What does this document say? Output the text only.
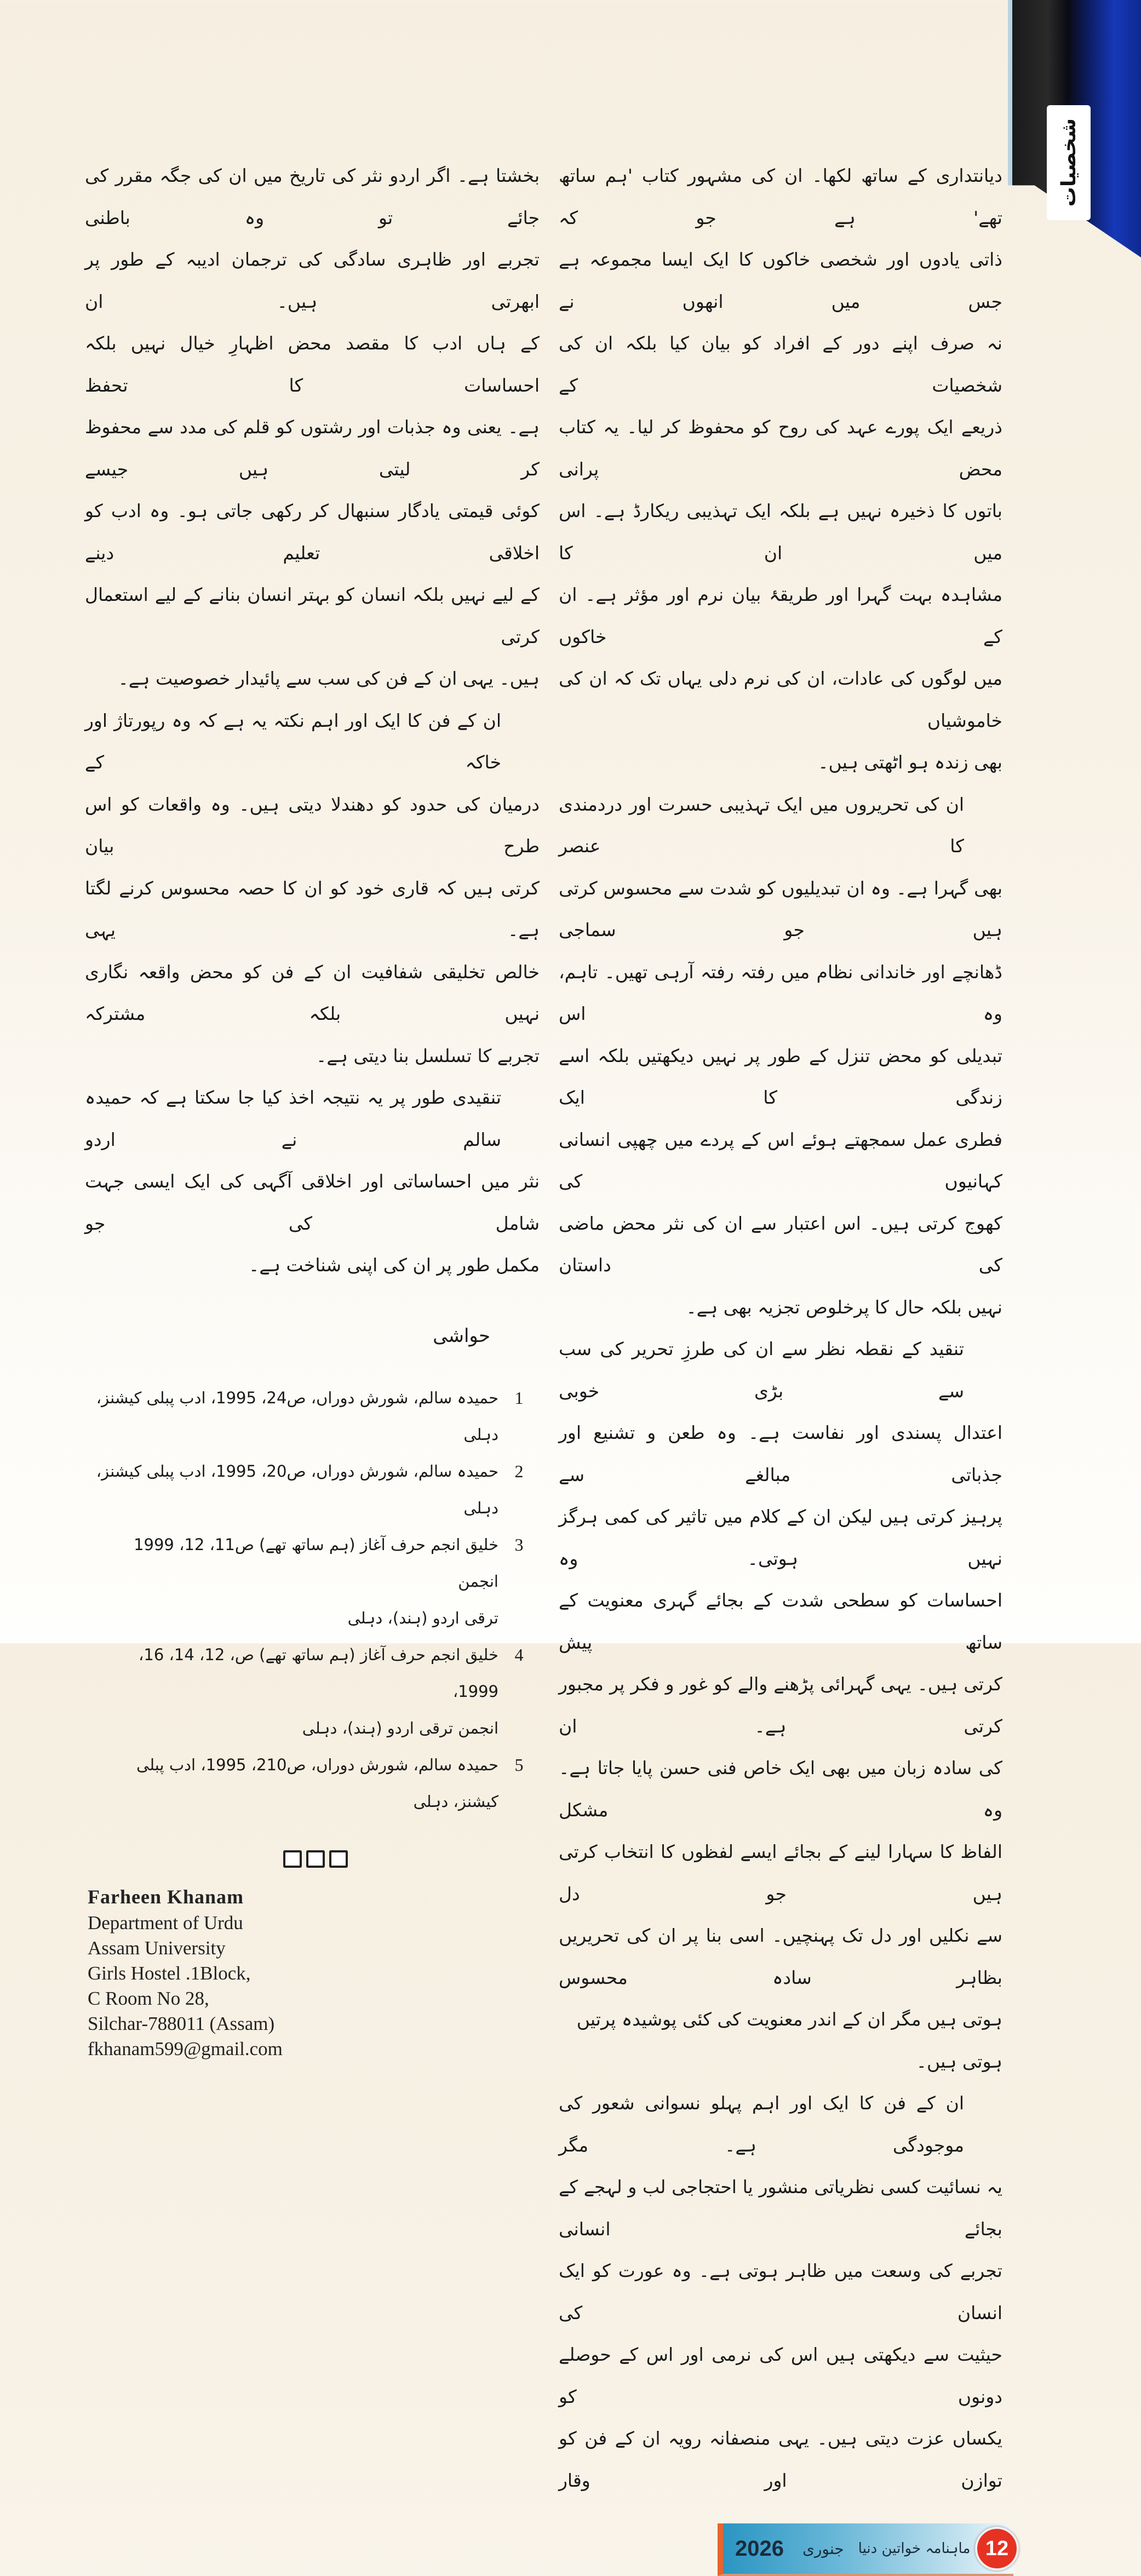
شخصیات
دیانتداری کے ساتھ لکھا۔ ان کی مشہور کتاب 'ہم ساتھ تھے' ہے جو کہ
ذاتی یادوں اور شخصی خاکوں کا ایک ایسا مجموعہ ہے جس میں انھوں نے
نہ صرف اپنے دور کے افراد کو بیان کیا بلکہ ان کی شخصیات کے
ذریعے ایک پورے عہد کی روح کو محفوظ کر لیا۔ یہ کتاب محض پرانی
باتوں کا ذخیرہ نہیں ہے بلکہ ایک تہذیبی ریکارڈ ہے۔ اس میں ان کا
مشاہدہ بہت گہرا اور طریقۂ بیان نرم اور مؤثر ہے۔ ان کے خاکوں
میں لوگوں کی عادات، ان کی نرم دلی یہاں تک کہ ان کی خاموشیاں
بھی زندہ ہو اٹھتی ہیں۔
ان کی تحریروں میں ایک تہذیبی حسرت اور دردمندی کا عنصر
بھی گہرا ہے۔ وہ ان تبدیلیوں کو شدت سے محسوس کرتی ہیں جو سماجی
ڈھانچے اور خاندانی نظام میں رفتہ رفتہ آرہی تھیں۔ تاہم، وہ اس
تبدیلی کو محض تنزل کے طور پر نہیں دیکھتیں بلکہ اسے زندگی کا ایک
فطری عمل سمجھتے ہوئے اس کے پردے میں چھپی انسانی کہانیوں کی
کھوج کرتی ہیں۔ اس اعتبار سے ان کی نثر محض ماضی کی داستان
نہیں بلکہ حال کا پرخلوص تجزیہ بھی ہے۔
تنقید کے نقطہ نظر سے ان کی طرزِ تحریر کی سب سے بڑی خوبی
اعتدال پسندی اور نفاست ہے۔ وہ طعن و تشنیع اور جذباتی مبالغے سے
پرہیز کرتی ہیں لیکن ان کے کلام میں تاثیر کی کمی ہرگز نہیں ہوتی۔ وہ
احساسات کو سطحی شدت کے بجائے گہری معنویت کے ساتھ پیش
کرتی ہیں۔ یہی گہرائی پڑھنے والے کو غور و فکر پر مجبور کرتی ہے۔ ان
کی سادہ زبان میں بھی ایک خاص فنی حسن پایا جاتا ہے۔ وہ مشکل
الفاظ کا سہارا لینے کے بجائے ایسے لفظوں کا انتخاب کرتی ہیں جو دل
سے نکلیں اور دل تک پہنچیں۔ اسی بنا پر ان کی تحریریں بظاہر سادہ محسوس
ہوتی ہیں مگر ان کے اندر معنویت کی کئی پوشیدہ پرتیں ہوتی ہیں۔
ان کے فن کا ایک اور اہم پہلو نسوانی شعور کی موجودگی ہے۔ مگر
یہ نسائیت کسی نظریاتی منشور یا احتجاجی لب و لہجے کے بجائے انسانی
تجربے کی وسعت میں ظاہر ہوتی ہے۔ وہ عورت کو ایک انسان کی
حیثیت سے دیکھتی ہیں اس کی نرمی اور اس کے حوصلے دونوں کو
یکساں عزت دیتی ہیں۔ یہی منصفانہ رویہ ان کے فن کو توازن اور وقار
2026 جنوری ماہنامہ خواتین دنیا 12
بخشتا ہے۔ اگر اردو نثر کی تاریخ میں ان کی جگہ مقرر کی جائے تو وہ باطنی
تجربے اور ظاہری سادگی کی ترجمان ادیبہ کے طور پر ابھرتی ہیں۔ ان
کے ہاں ادب کا مقصد محض اظہارِ خیال نہیں بلکہ احساسات کا تحفظ
ہے۔ یعنی وہ جذبات اور رشتوں کو قلم کی مدد سے محفوظ کر لیتی ہیں جیسے
کوئی قیمتی یادگار سنبھال کر رکھی جاتی ہو۔ وہ ادب کو اخلاقی تعلیم دینے
کے لیے نہیں بلکہ انسان کو بہتر انسان بنانے کے لیے استعمال کرتی
ہیں۔ یہی ان کے فن کی سب سے پائیدار خصوصیت ہے۔
ان کے فن کا ایک اور اہم نکتہ یہ ہے کہ وہ رپورتاژ اور خاکہ کے
درمیان کی حدود کو دھندلا دیتی ہیں۔ وہ واقعات کو اس طرح بیان
کرتی ہیں کہ قاری خود کو ان کا حصہ محسوس کرنے لگتا ہے۔ یہی
خالص تخلیقی شفافیت ان کے فن کو محض واقعہ نگاری نہیں بلکہ مشترکہ
تجربے کا تسلسل بنا دیتی ہے۔
تنقیدی طور پر یہ نتیجہ اخذ کیا جا سکتا ہے کہ حمیدہ سالم نے اردو
نثر میں احساساتی اور اخلاقی آگہی کی ایک ایسی جہت شامل کی جو
مکمل طور پر ان کی اپنی شناخت ہے۔
حواشی
1
حمیدہ سالم، شورش دوراں، ص24، 1995، ادب پبلی کیشنز، دہلی
2
حمیدہ سالم، شورش دوراں، ص20، 1995، ادب پبلی کیشنز، دہلی
3
خلیق انجم حرف آغاز (ہم ساتھ تھے) ص11، 12، 1999 انجمن
ترقی اردو (ہند)، دہلی
4
خلیق انجم حرف آغاز (ہم ساتھ تھے) ص، 12، 14، 16، 1999،
انجمن ترقی اردو (ہند)، دہلی
5
حمیدہ سالم، شورش دوراں، ص210، 1995، ادب پبلی کیشنز، دہلی
Farheen Khanam
Department of Urdu
Assam University
Girls Hostel .1Block,
C Room No 28,
Silchar-788011 (Assam)
fkhanam599@gmail.com
